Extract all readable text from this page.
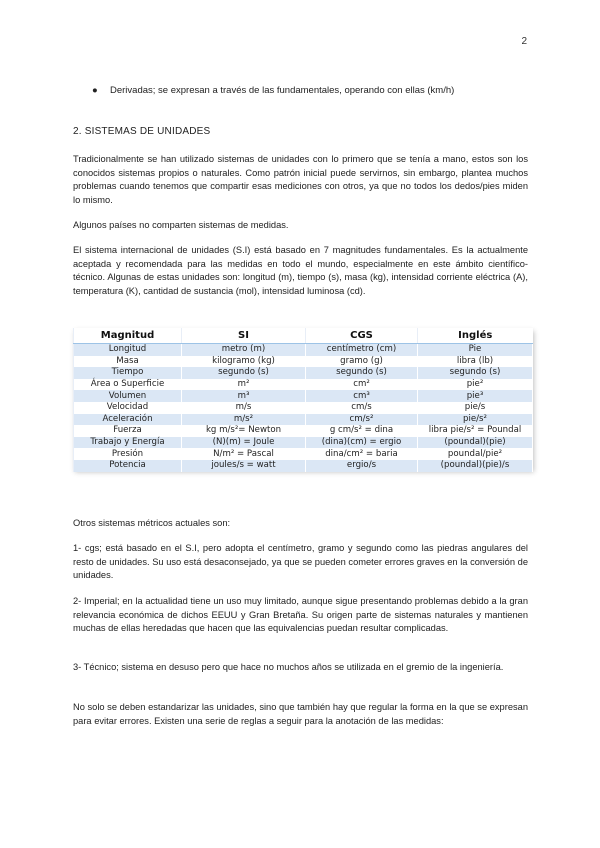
2
● Derivadas; se expresan a través de las fundamentales, operando con ellas (km/h)
2. SISTEMAS DE UNIDADES

Tradicionalmente se han utilizado sistemas de unidades con lo primero que se tenía a mano, estos son los conocidos sistemas propios o naturales. Como patrón inicial puede servirnos, sin embargo, plantea muchos problemas cuando tenemos que compartir esas mediciones con otros, ya que no todos los dedos/pies miden lo mismo.

Algunos países no comparten sistemas de medidas.

El sistema internacional de unidades (S.I) está basado en 7 magnitudes fundamentales. Es la actualmente aceptada y recomendada para las medidas en todo el mundo, especialmente en este ámbito científico-técnico. Algunas de estas unidades son: longitud (m), tiempo (s), masa (kg), intensidad corriente eléctrica (A), temperatura (K), cantidad de sustancia (mol), intensidad luminosa (cd).

Magnitud	SI	CGS	Inglés
Longitud	metro (m)	centímetro (cm)	Pie
Masa	kilogramo (kg)	gramo (g)	libra (lb)
Tiempo	segundo (s)	segundo (s)	segundo (s)
Área o Superficie	m²	cm²	pie²
Volumen	m³	cm³	pie³
Velocidad	m/s	cm/s	pie/s
Aceleración	m/s²	cm/s²	pie/s²
Fuerza	kg m/s²= Newton	g cm/s² = dina	libra pie/s² = Poundal
Trabajo y Energía	(N)(m) = Joule	(dina)(cm) = ergio	(poundal)(pie)
Presión	N/m² = Pascal	dina/cm² = baria	poundal/pie²
Potencia	joules/s = watt	ergio/s	(poundal)(pie)/s

Otros sistemas métricos actuales son:

1- cgs; está basado en el S.I, pero adopta el centímetro, gramo y segundo como las piedras angulares del resto de unidades. Su uso está desaconsejado, ya que se pueden cometer errores graves en la conversión de unidades.

2- Imperial; en la actualidad tiene un uso muy limitado, aunque sigue presentando problemas debido a la gran relevancia económica de dichos EEUU y Gran Bretaña. Su origen parte de sistemas naturales y mantienen muchas de ellas heredadas que hacen que las equivalencias puedan resultar complicadas.

3- Técnico; sistema en desuso pero que hace no muchos años se utilizada en el gremio de la ingeniería.

No solo se deben estandarizar las unidades, sino que también hay que regular la forma en la que se expresan para evitar errores. Existen una serie de reglas a seguir para la anotación de las medidas:
